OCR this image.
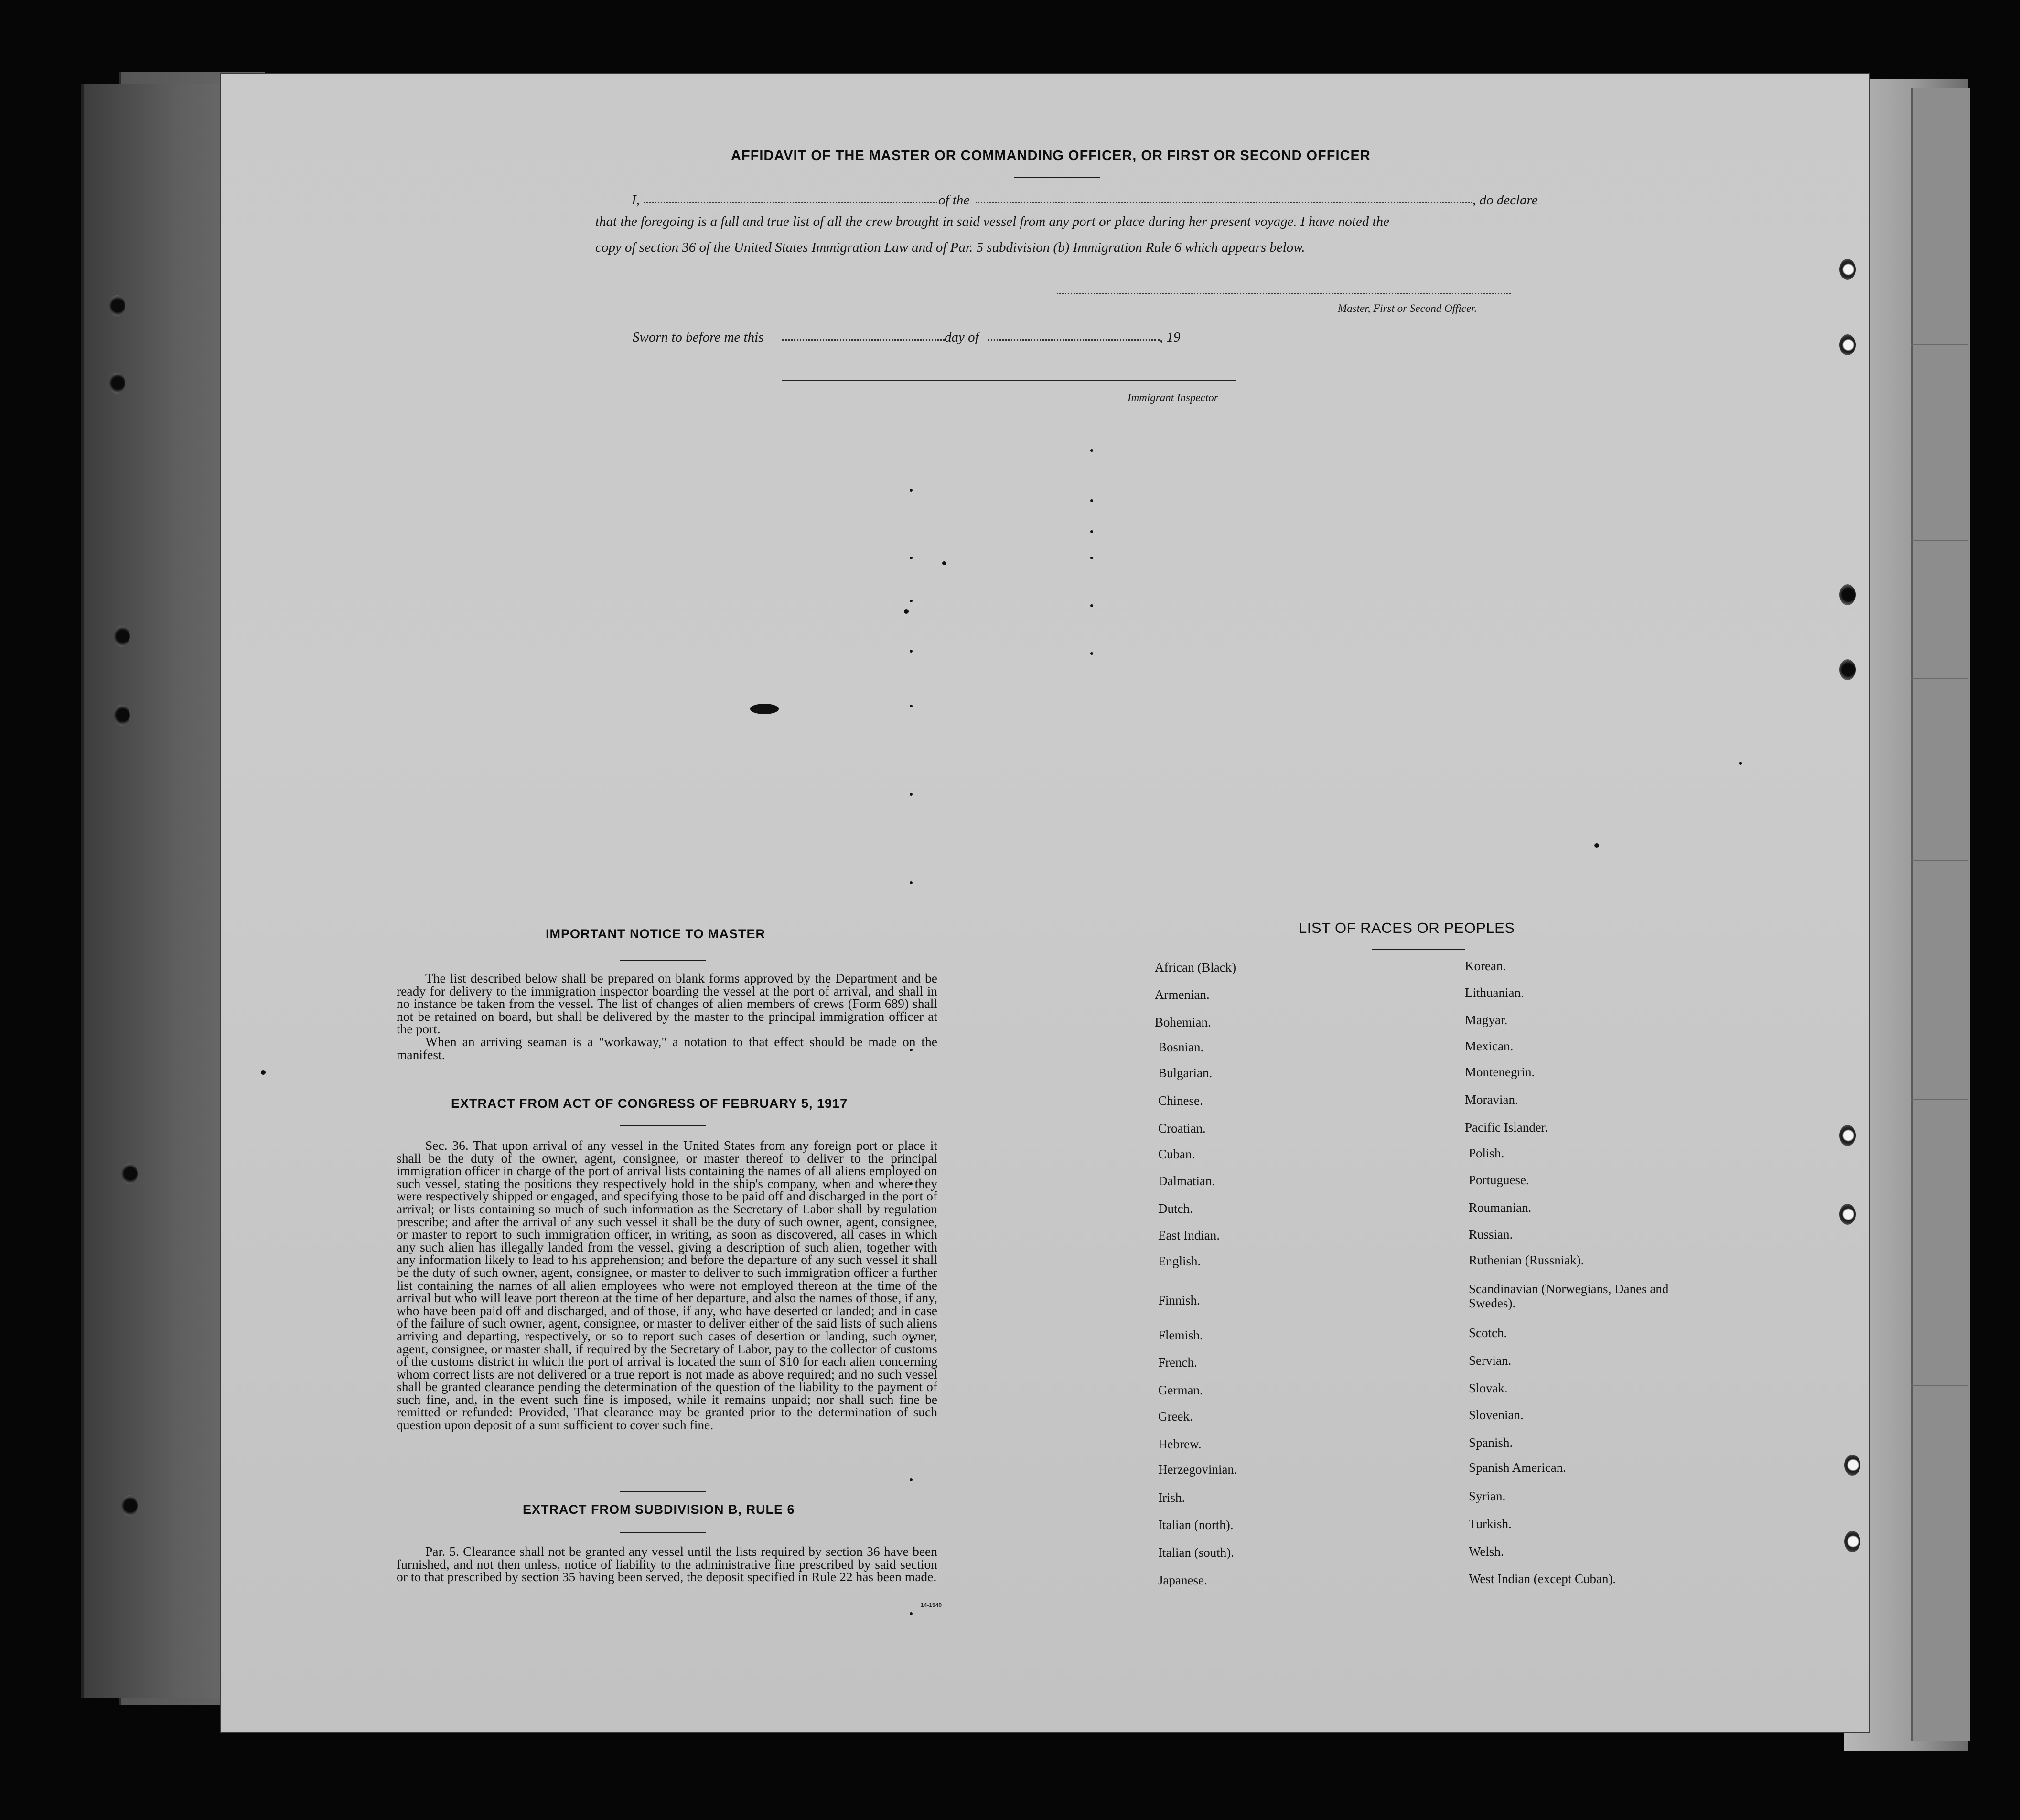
AFFIDAVIT OF THE MASTER OR COMMANDING OFFICER, OR FIRST OR SECOND OFFICER
I,	of the	, do declare
that the foregoing is a full and true list of all the crew brought in said vessel from any port or place during her present voyage. I have noted the
copy of section 36 of the United States Immigration Law and of Par. 5 subdivision (b) Immigration Rule 6 which appears below.
Master, First or Second Officer.
Sworn to before me this	day of	, 19
Immigrant Inspector
IMPORTANT NOTICE TO MASTER
The list described below shall be prepared on blank forms approved by the Department and be ready for delivery to the immigration inspector boarding the vessel at the port of arrival, and shall in no instance be taken from the vessel. The list of changes of alien members of crews (Form 689) shall not be retained on board, but shall be delivered by the master to the principal immigration officer at the port.
When an arriving seaman is a "workaway," a notation to that effect should be made on the manifest.
EXTRACT FROM ACT OF CONGRESS OF FEBRUARY 5, 1917
Sec. 36. That upon arrival of any vessel in the United States from any foreign port or place it shall be the duty of the owner, agent, consignee, or master thereof to deliver to the principal immigration officer in charge of the port of arrival lists containing the names of all aliens employed on such vessel, stating the positions they respectively hold in the ship's company, when and where they were respectively shipped or engaged, and specifying those to be paid off and discharged in the port of arrival; or lists containing so much of such information as the Secretary of Labor shall by regulation prescribe; and after the arrival of any such vessel it shall be the duty of such owner, agent, consignee, or master to report to such immigration officer, in writing, as soon as discovered, all cases in which any such alien has illegally landed from the vessel, giving a description of such alien, together with any information likely to lead to his apprehension; and before the departure of any such vessel it shall be the duty of such owner, agent, consignee, or master to deliver to such immigration officer a further list containing the names of all alien employees who were not employed thereon at the time of the arrival but who will leave port thereon at the time of her departure, and also the names of those, if any, who have been paid off and discharged, and of those, if any, who have deserted or landed; and in case of the failure of such owner, agent, consignee, or master to deliver either of the said lists of such aliens arriving and departing, respectively, or so to report such cases of desertion or landing, such owner, agent, consignee, or master shall, if required by the Secretary of Labor, pay to the collector of customs of the customs district in which the port of arrival is located the sum of $10 for each alien concerning whom correct lists are not delivered or a true report is not made as above required; and no such vessel shall be granted clearance pending the determination of the question of the liability to the payment of such fine, and, in the event such fine is imposed, while it remains unpaid; nor shall such fine be remitted or refunded: Provided, That clearance may be granted prior to the determination of such question upon deposit of a sum sufficient to cover such fine.
EXTRACT FROM SUBDIVISION B, RULE 6
Par. 5. Clearance shall not be granted any vessel until the lists required by section 36 have been furnished, and not then unless, notice of liability to the administrative fine prescribed by said section or to that prescribed by section 35 having been served, the deposit specified in Rule 22 has been made.
14-1540
LIST OF RACES OR PEOPLES
African (Black)
Armenian.
Bohemian.
Bosnian.
Bulgarian.
Chinese.
Croatian.
Cuban.
Dalmatian.
Dutch.
East Indian.
English.
Finnish.
Flemish.
French.
German.
Greek.
Hebrew.
Herzegovinian.
Irish.
Italian (north).
Italian (south).
Japanese.
Korean.
Lithuanian.
Magyar.
Mexican.
Montenegrin.
Moravian.
Pacific Islander.
Polish.
Portuguese.
Roumanian.
Russian.
Ruthenian (Russniak).
Scandinavian (Norwegians, Danes and Swedes).
Scotch.
Servian.
Slovak.
Slovenian.
Spanish.
Spanish American.
Syrian.
Turkish.
Welsh.
West Indian (except Cuban).
